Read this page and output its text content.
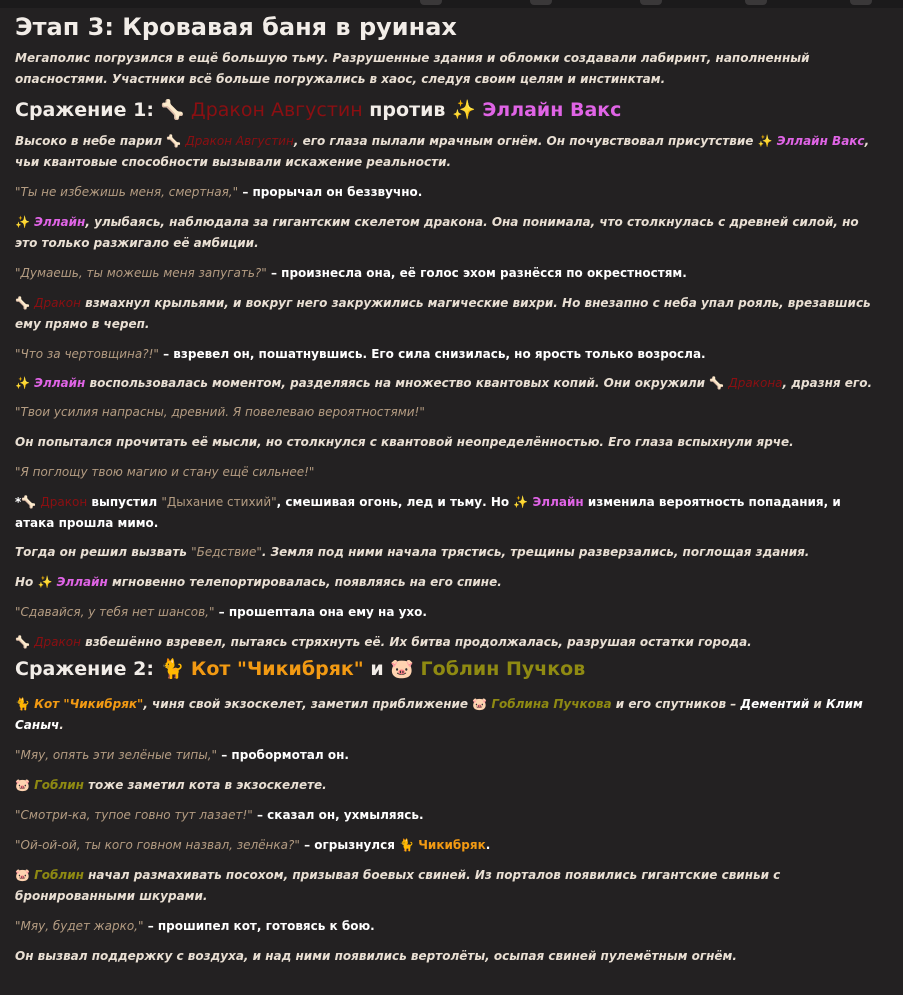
Этап 3: Кровавая баня в руинах

Мегаполис погрузился в ещё большую тьму. Разрушенные здания и обломки создавали лабиринт, наполненный опасностями. Участники всё больше погружались в хаос, следуя своим целям и инстинктам.

Сражение 1: 🦴 Дракон Августин против ✨ Эллайн Вакс

Высоко в небе парил 🦴 Дракон Августин, его глаза пылали мрачным огнём. Он почувствовал присутствие ✨ Эллайн Вакс, чьи квантовые способности вызывали искажение реальности.

"Ты не избежишь меня, смертная," – прорычал он беззвучно.

✨ Эллайн, улыбаясь, наблюдала за гигантским скелетом дракона. Она понимала, что столкнулась с древней силой, но это только разжигало её амбиции.

"Думаешь, ты можешь меня запугать?" – произнесла она, её голос эхом разнёсся по окрестностям.

🦴 Дракон взмахнул крыльями, и вокруг него закружились магические вихри. Но внезапно с неба упал рояль, врезавшись ему прямо в череп.

"Что за чертовщина?!" – взревел он, пошатнувшись. Его сила снизилась, но ярость только возросла.

✨ Эллайн воспользовалась моментом, разделяясь на множество квантовых копий. Они окружили 🦴 Дракона, дразня его.

"Твои усилия напрасны, древний. Я повелеваю вероятностями!"

Он попытался прочитать её мысли, но столкнулся с квантовой неопределённостью. Его глаза вспыхнули ярче.

"Я поглощу твою магию и стану ещё сильнее!"

*🦴 Дракон выпустил "Дыхание стихий", смешивая огонь, лед и тьму. Но ✨ Эллайн изменила вероятность попадания, и атака прошла мимо.

Тогда он решил вызвать "Бедствие". Земля под ними начала трястись, трещины разверзались, поглощая здания.

Но ✨ Эллайн мгновенно телепортировалась, появляясь на его спине.

"Сдавайся, у тебя нет шансов," – прошептала она ему на ухо.

🦴 Дракон взбешённо взревел, пытаясь стряхнуть её. Их битва продолжалась, разрушая остатки города.

Сражение 2: 🐈 Кот "Чикибряк" и 🐷 Гоблин Пучков

🐈 Кот "Чикибряк", чиня свой экзоскелет, заметил приближение 🐷 Гоблина Пучкова и его спутников – Дементий и Клим Саныч.

"Мяу, опять эти зелёные типы," – пробормотал он.

🐷 Гоблин тоже заметил кота в экзоскелете.

"Смотри-ка, тупое говно тут лазает!" – сказал он, ухмыляясь.

"Ой-ой-ой, ты кого говном назвал, зелёнка?" – огрызнулся 🐈 Чикибряк.

🐷 Гоблин начал размахивать посохом, призывая боевых свиней. Из порталов появились гигантские свиньи с бронированными шкурами.

"Мяу, будет жарко," – прошипел кот, готовясь к бою.

Он вызвал поддержку с воздуха, и над ними появились вертолёты, осыпая свиней пулемётным огнём.
